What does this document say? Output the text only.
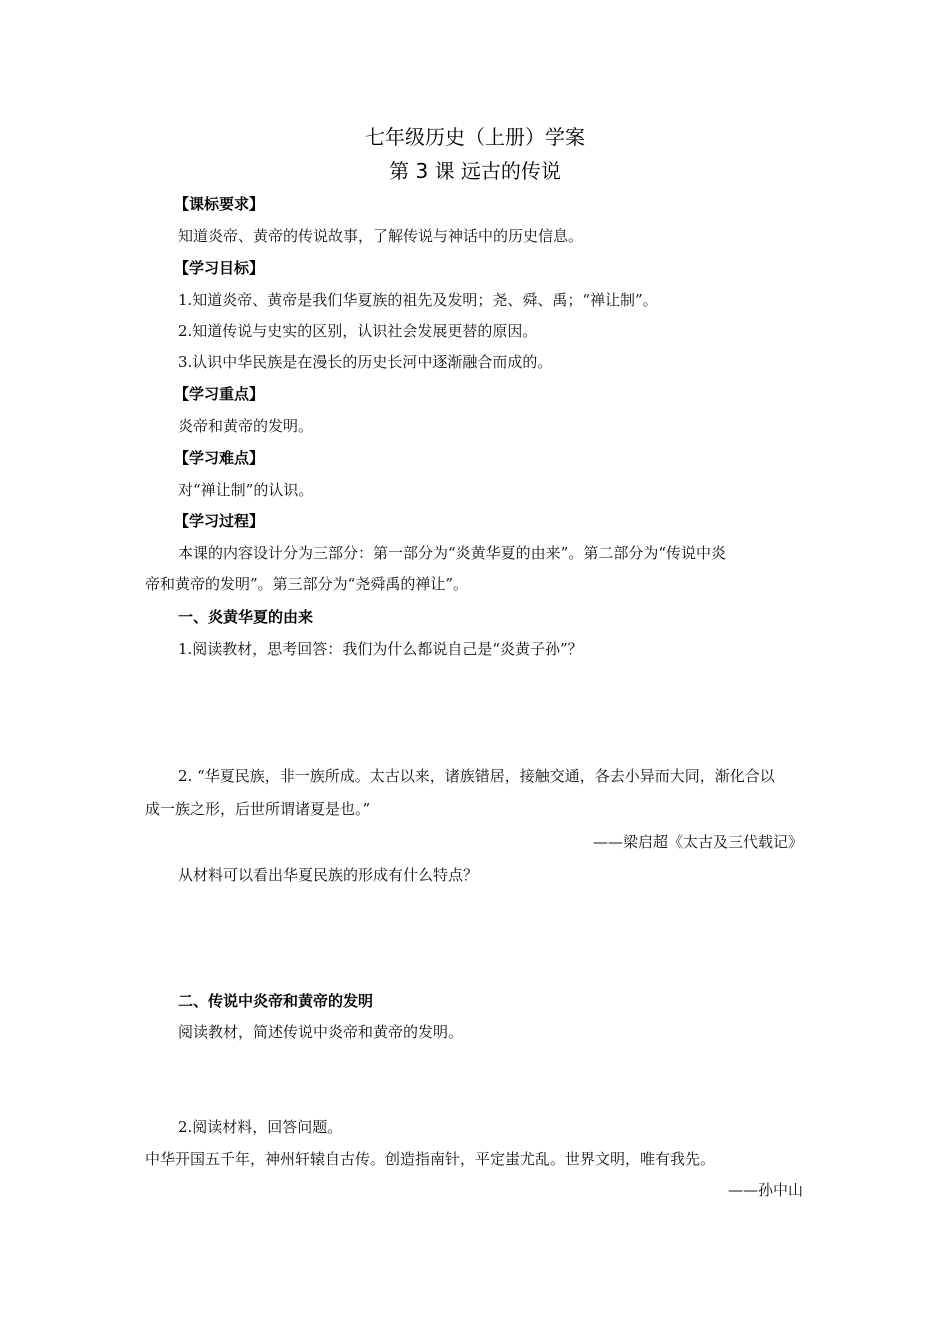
七年级历史（上册）学案
第 3 课 远古的传说
【课标要求】
知道炎帝、黄帝的传说故事，了解传说与神话中的历史信息。
【学习目标】
1.知道炎帝、黄帝是我们华夏族的祖先及发明；尧、舜、禹；“禅让制”。
2.知道传说与史实的区别，认识社会发展更替的原因。
3.认识中华民族是在漫长的历史长河中逐渐融合而成的。
【学习重点】
炎帝和黄帝的发明。
【学习难点】
对“禅让制”的认识。
【学习过程】
本课的内容设计分为三部分：第一部分为“炎黄华夏的由来”。第二部分为“传说中炎
帝和黄帝的发明”。第三部分为“尧舜禹的禅让”。
一、炎黄华夏的由来
1.阅读教材，思考回答：我们为什么都说自己是“炎黄子孙”？
2. “华夏民族，非一族所成。太古以来，诸族错居，接触交通，各去小异而大同，渐化合以
成一族之形，后世所谓诸夏是也。”
——梁启超《太古及三代载记》
从材料可以看出华夏民族的形成有什么特点？
二、传说中炎帝和黄帝的发明
阅读教材，简述传说中炎帝和黄帝的发明。
2.阅读材料，回答问题。
中华开国五千年，神州轩辕自古传。创造指南针，平定蚩尤乱。世界文明，唯有我先。
——孙中山
